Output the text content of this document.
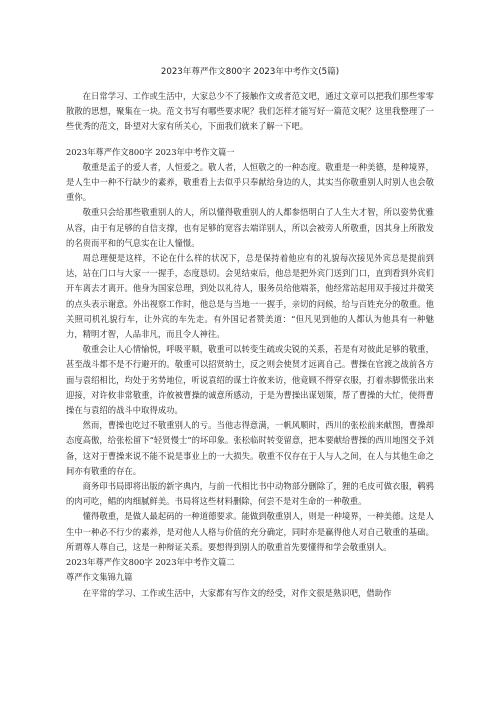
2023年尊严作文800字 2023年中考作文(5篇)

在日常学习、工作或生活中，大家总少不了接触作文或者范文吧，通过文章可以把我们那些零零散散的思想，聚集在一块。范文书写有哪些要求呢？我们怎样才能写好一篇范文呢？这里我整理了一些优秀的范文，卧望对大家有所关心，下面我们就来了解一下吧。

2023年尊严作文800字 2023年中考作文篇一

敬重是孟子的爱人者，人恒爱之。敬人者，人恒敬之的一种态度。敬重是一种美德，是种境界，是人生中一种不行缺少的素养，敬重看上去似乎只奉献给身边的人，其实当你敬重别人时别人也会敬重你。

敬重只会给那些敬重别人的人，所以懂得敬重别人的人都参悟明白了人生大才智，所以姿势优雅从容，由于有足够的自信支撑，也有足够的宽容去端详别人，所以会被旁人所敬重，因其身上所散发的名贵而平和的气息实在让人憧憬。

周总理便是这样，不论在什么样的状况下，总是保持着他应有的礼貌每次接见外宾总是提前到达，站在门口与大家一一握手，态度恳切。会见结束后，他总是把外宾门送到门口，直到看到外宾们开车离去才离开。他身为国家总理，到处以礼待人，服务员给他端茶，他经常站起用双手接过并微笑的点头表示谢意。外出视察工作时，他总是与当地一一握手，亲切的问候，给与百姓充分的敬重。他关照司机礼貌行车，让外宾的车先走。有外国记者赞美道：“但凡见到他的人都认为他具有一种魅力，精明才智，人品非凡，而且令人神往。

敬重会让人心情愉悦，呼吸平顺，敬重可以转变生疏或尖锐的关系，若是有对彼此足够的敬重，甚至战斗都不是不行避开的。敬重可以招贤纳士，反之则会使贤才远离自己。曹操在官渡之战前各方面与袁绍相比，均处于劣势地位，听说袁绍的谋士许攸来访，他竟顾不得穿衣服，打着赤脚慌张出来迎接，对许攸非常敬重，许攸被曹操的诚意所感动，于是为曹操出谋划策，帮了曹操的大忙，使得曹操在与袁绍的战斗中取得成功。

然而，曹操也吃过不敬重别人的亏。当他志得意满，一帆风顺时，西川的张松前来献图，曹操却态度高傲，给张松留下“轻贤慢士”的坏印象。张松临时转变留意，把本要献给曹操的西川地图交予刘备，这对于曹操来说不能不说是事业上的一大损失。敬重不仅存在于人与人之间，在人与其他生命之间亦有敬重的存在。

商务印书局即将出版的新字典内，与前一代相比书中动物部分删除了，狸的毛皮可做衣服，鹌鸦的肉可吃，鲳的肉细腻鲜美。书局将这些材料删除，何尝不是对生命的一种敬重。

懂得敬重，是做人最起码的一种道德要求。能做到敬重别人，则是一种境界，一种美德。这是人生中一种必不行少的素养，是对他人人格与价值的充分确定，同时亦是赢得他人对自己敬重的基础。所谓尊人尊自己，这是一种辩证关系。要想得到别人的敬重首先要懂得和学会敬重别人。

2023年尊严作文800字 2023年中考作文篇二

尊严作文集锦九篇

在平常的学习、工作或生活中，大家都有写作文的经受，对作文很是熟识吧，借助作
